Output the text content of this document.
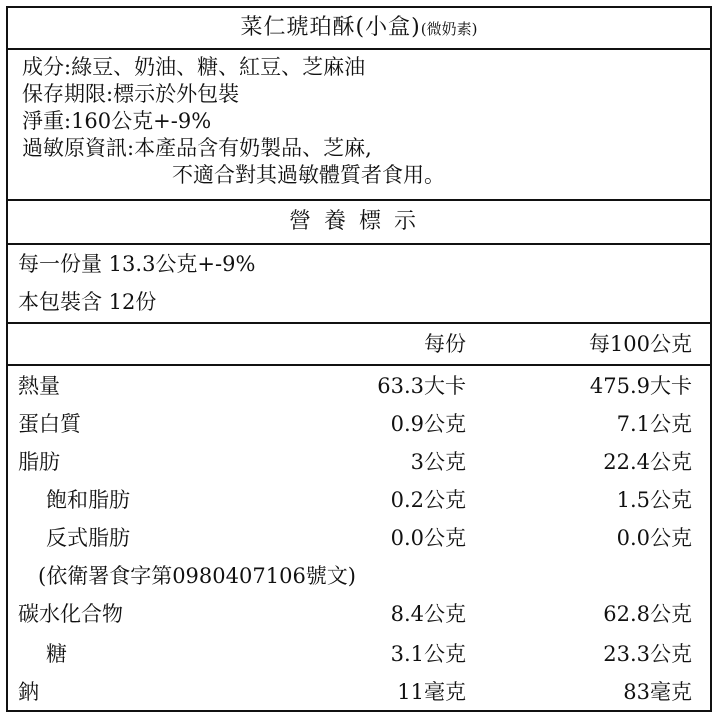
菜仁琥珀酥(小盒)(微奶素)
成分:綠豆、奶油、糖、紅豆、芝麻油
保存期限:標示於外包裝
淨重:160公克+-9%
過敏原資訊:本產品含有奶製品、芝麻,
不適合對其過敏體質者食用。
營養標示
每一份量 13.3公克+-9%
本包裝含 12份
每份	每100公克
熱量	63.3大卡	475.9大卡
蛋白質	0.9公克	7.1公克
脂肪	3公克	22.4公克
飽和脂肪	0.2公克	1.5公克
反式脂肪	0.0公克	0.0公克
(依衛署食字第0980407106號文)
碳水化合物	8.4公克	62.8公克
糖	3.1公克	23.3公克
鈉	11毫克	83毫克
